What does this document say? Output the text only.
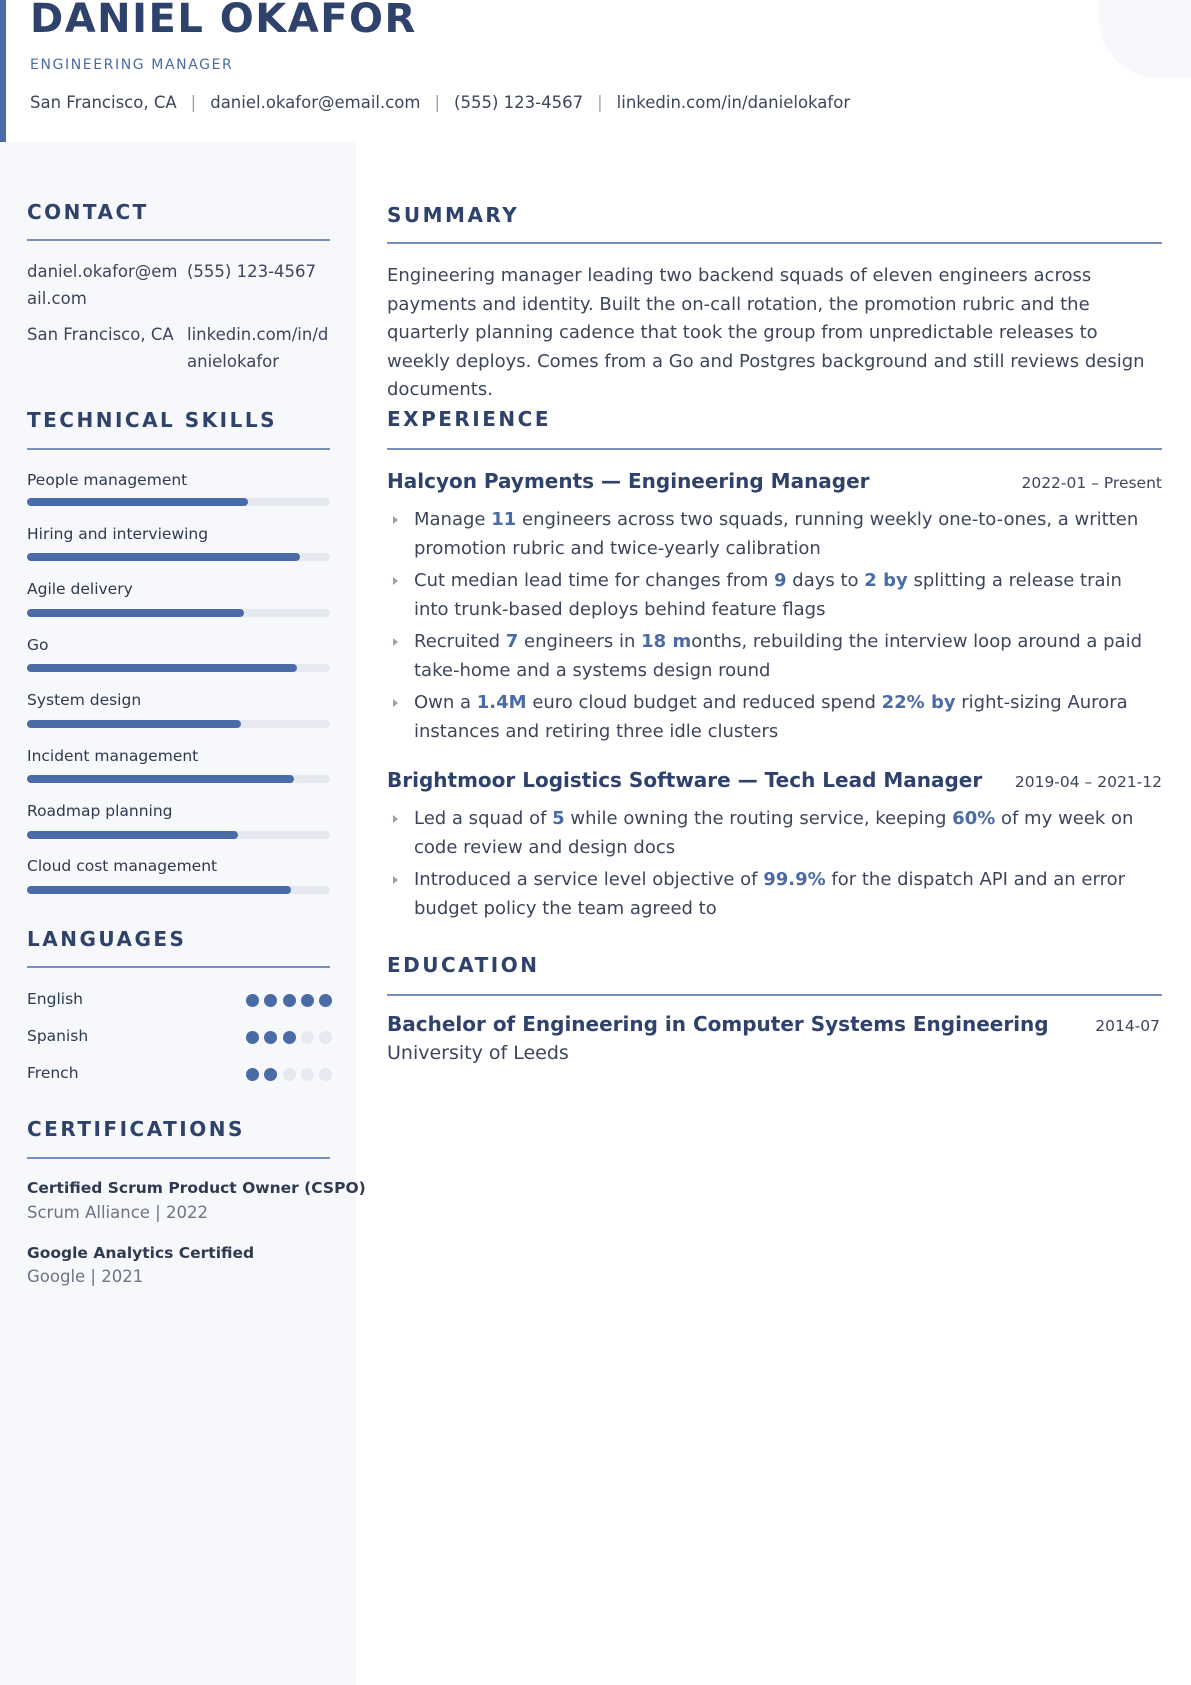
DANIEL OKAFOR
ENGINEERING MANAGER
San Francisco, CA | daniel.okafor@email.com | (555) 123-4567 | linkedin.com/in/danielokafor
CONTACT
daniel.okafor@em
ail.com
(555) 123-4567
San Francisco, CA linkedin.com/in/d
anielokafor
TECHNICAL SKILLS
People management
Hiring and interviewing
Agile delivery
Go
System design
Incident management
Roadmap planning
Cloud cost management
LANGUAGES
English
Spanish
French
CERTIFICATIONS
Certified Scrum Product Owner (CSPO)
Scrum Alliance | 2022
Google Analytics Certified
Google | 2021
SUMMARY
Engineering manager leading two backend squads of eleven engineers across payments and identity. Built the on-call rotation, the promotion rubric and the quarterly planning cadence that took the group from unpredictable releases to weekly deploys. Comes from a Go and Postgres background and still reviews design documents.
EXPERIENCE
Halcyon Payments — Engineering Manager	2022-01 – Present
Manage 11 engineers across two squads, running weekly one-to-ones, a written promotion rubric and twice-yearly calibration
Cut median lead time for changes from 9 days to 2 by splitting a release train into trunk-based deploys behind feature flags
Recruited 7 engineers in 18 months, rebuilding the interview loop around a paid take-home and a systems design round
Own a 1.4M euro cloud budget and reduced spend 22% by right-sizing Aurora instances and retiring three idle clusters
Brightmoor Logistics Software — Tech Lead Manager 2019-04 – 2021-12
Led a squad of 5 while owning the routing service, keeping 60% of my week on code review and design docs
Introduced a service level objective of 99.9% for the dispatch API and an error budget policy the team agreed to
EDUCATION
Bachelor of Engineering in Computer Systems Engineering	2014-07
University of Leeds
